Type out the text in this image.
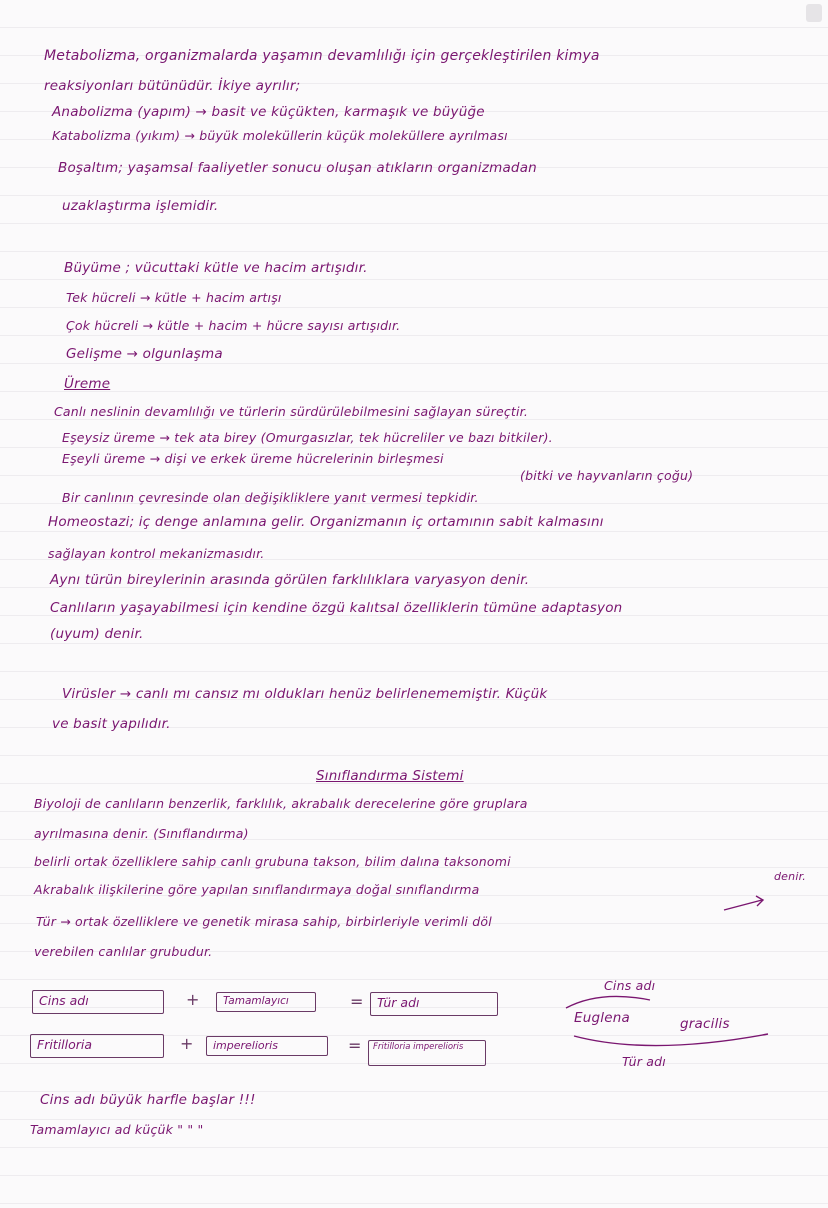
Metabolizma, organizmalarda yaşamın devamlılığı için gerçekleştirilen kimya
reaksiyonları bütünüdür. İkiye ayrılır;
Anabolizma (yapım) → basit ve küçükten, karmaşık ve büyüğe
Katabolizma (yıkım) → büyük moleküllerin küçük moleküllere ayrılması
Boşaltım; yaşamsal faaliyetler sonucu oluşan atıkların organizmadan
uzaklaştırma işlemidir.
Büyüme ; vücuttaki kütle ve hacim artışıdır.
Tek hücreli → kütle + hacim artışı
Çok hücreli → kütle + hacim + hücre sayısı artışıdır.
Gelişme → olgunlaşma
Üreme
Canlı neslinin devamlılığı ve türlerin sürdürülebilmesini sağlayan süreçtir.
Eşeysiz üreme → tek ata birey (Omurgasızlar, tek hücreliler ve bazı bitkiler).
Eşeyli üreme → dişi ve erkek üreme hücrelerinin birleşmesi
(bitki ve hayvanların çoğu)
Bir canlının çevresinde olan değişikliklere yanıt vermesi tepkidir.
Homeostazi; iç denge anlamına gelir. Organizmanın iç ortamının sabit kalmasını
sağlayan kontrol mekanizmasıdır.
Aynı türün bireylerinin arasında görülen farklılıklara varyasyon denir.
Canlıların yaşayabilmesi için kendine özgü kalıtsal özelliklerin tümüne adaptasyon
(uyum) denir.
Virüsler → canlı mı cansız mı oldukları henüz belirlenememiştir. Küçük
ve basit yapılıdır.
Sınıflandırma Sistemi
Biyoloji de canlıların benzerlik, farklılık, akrabalık derecelerine göre gruplara
ayrılmasına denir. (Sınıflandırma)
belirli ortak özelliklere sahip canlı grubuna takson, bilim dalına taksonomi
denir.
Akrabalık ilişkilerine göre yapılan sınıflandırmaya doğal sınıflandırma
Tür → ortak özelliklere ve genetik mirasa sahip, birbirleriyle verimli döl
verebilen canlılar grubudur.
Cins adı	+	Tamamlayıcı	=	Tür adı
Fritilloria	+	imperelioris	=	Fritilloria imperelioris
Cins adı
Euglena	gracilis
Tür adı
Cins adı büyük harfle başlar !!!
Tamamlayıcı ad küçük " " "
